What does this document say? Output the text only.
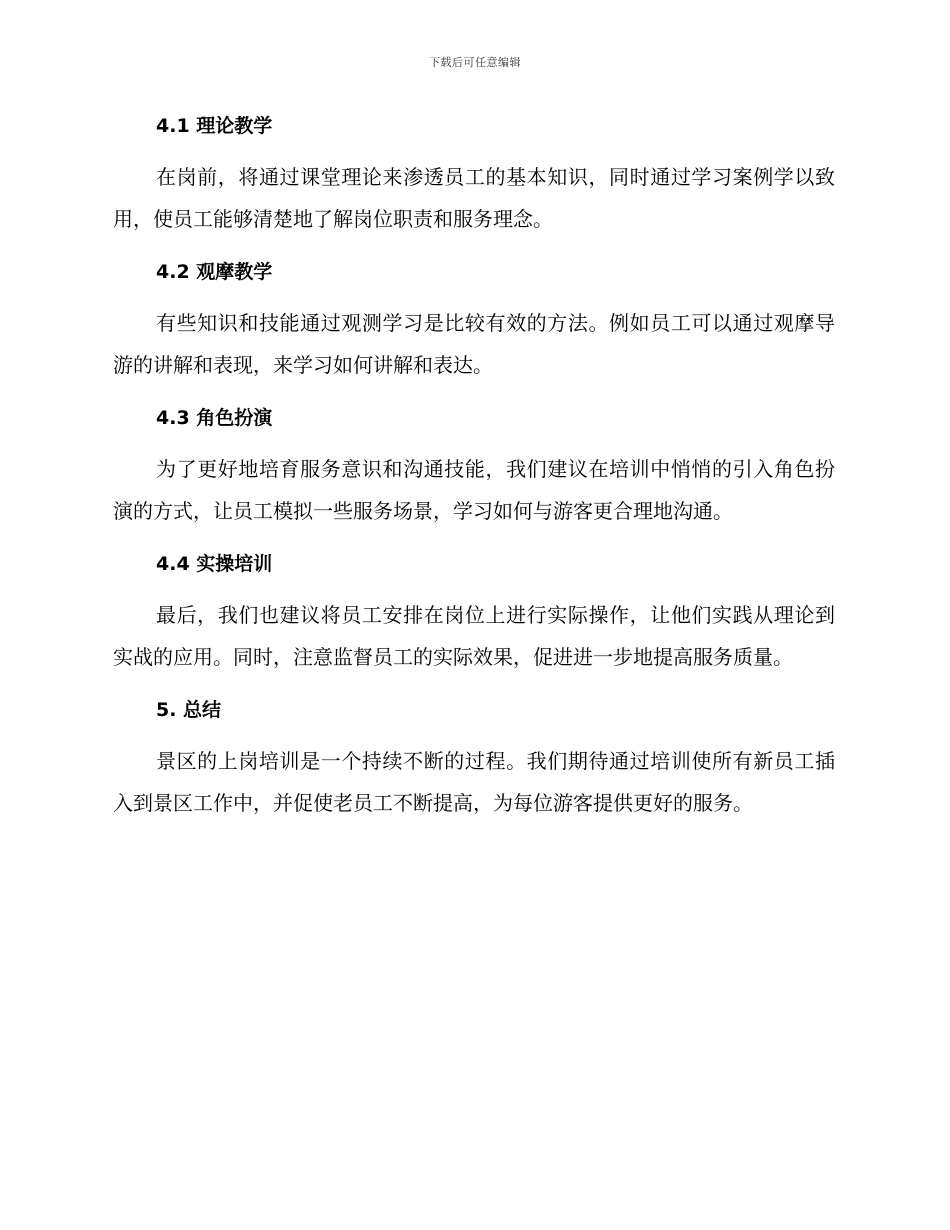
下载后可任意编辑
4.1 理论教学

在岗前，将通过课堂理论来渗透员工的基本知识，同时通过学习案例学以致用，使员工能够清楚地了解岗位职责和服务理念。

4.2 观摩教学

有些知识和技能通过观测学习是比较有效的方法。例如员工可以通过观摩导游的讲解和表现，来学习如何讲解和表达。

4.3 角色扮演

为了更好地培育服务意识和沟通技能，我们建议在培训中悄悄的引入角色扮演的方式，让员工模拟一些服务场景，学习如何与游客更合理地沟通。

4.4 实操培训

最后，我们也建议将员工安排在岗位上进行实际操作，让他们实践从理论到实战的应用。同时，注意监督员工的实际效果，促进进一步地提高服务质量。

5. 总结

景区的上岗培训是一个持续不断的过程。我们期待通过培训使所有新员工插入到景区工作中，并促使老员工不断提高，为每位游客提供更好的服务。
